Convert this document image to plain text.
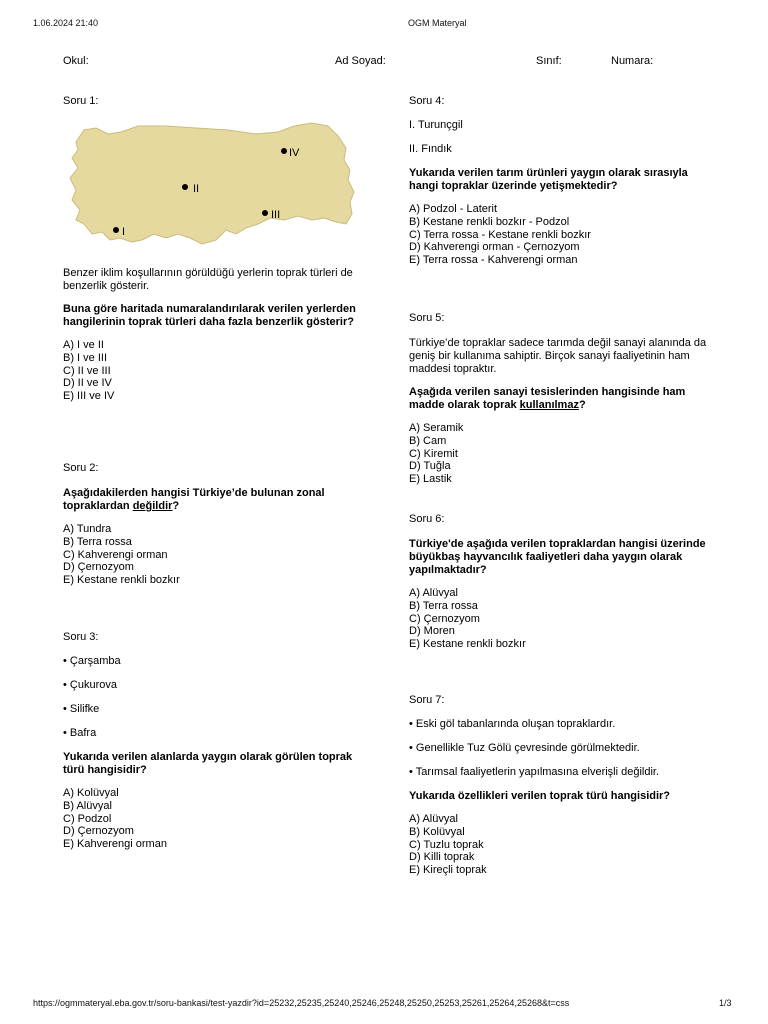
1.06.2024 21:40	OGM Materyal
Okul:	Ad Soyad:	Sınıf:	Numara:
Soru 1:
IV
II
III
I

Benzer iklim koşullarının görüldüğü yerlerin toprak türleri de benzerlik gösterir.

Buna göre haritada numaralandırılarak verilen yerlerden hangilerinin toprak türleri daha fazla benzerlik gösterir?

A) I ve II
B) I ve III
C) II ve III
D) II ve IV
E) III ve IV

Soru 2:

Aşağıdakilerden hangisi Türkiye’de bulunan zonal topraklardan değildir?

A) Tundra
B) Terra rossa
C) Kahverengi orman
D) Çernozyom
E) Kestane renkli bozkır

Soru 3:

• Çarşamba

• Çukurova

• Silifke

• Bafra

Yukarıda verilen alanlarda yaygın olarak görülen toprak türü hangisidir?

A) Kolüvyal
B) Alüvyal
C) Podzol
D) Çernozyom
E) Kahverengi orman

Soru 4:

I. Turunçgil

II. Fındık

Yukarıda verilen tarım ürünleri yaygın olarak sırasıyla hangi topraklar üzerinde yetişmektedir?

A) Podzol - Laterit
B) Kestane renkli bozkır - Podzol
C) Terra rossa - Kestane renkli bozkır
D) Kahverengi orman - Çernozyom
E) Terra rossa - Kahverengi orman

Soru 5:

Türkiye’de topraklar sadece tarımda değil sanayi alanında da geniş bir kullanıma sahiptir. Birçok sanayi faaliyetinin ham maddesi topraktır.

Aşağıda verilen sanayi tesislerinden hangisinde ham madde olarak toprak kullanılmaz?

A) Seramik
B) Cam
C) Kiremit
D) Tuğla
E) Lastik

Soru 6:

Türkiye'de aşağıda verilen topraklardan hangisi üzerinde büyükbaş hayvancılık faaliyetleri daha yaygın olarak yapılmaktadır?

A) Alüvyal
B) Terra rossa
C) Çernozyom
D) Moren
E) Kestane renkli bozkır

Soru 7:

• Eski göl tabanlarında oluşan topraklardır.

• Genellikle Tuz Gölü çevresinde görülmektedir.

• Tarımsal faaliyetlerin yapılmasına elverişli değildir.

Yukarıda özellikleri verilen toprak türü hangisidir?

A) Alüvyal
B) Kolüvyal
C) Tuzlu toprak
D) Killi toprak
E) Kireçli toprak
https://ogmmateryal.eba.gov.tr/soru-bankasi/test-yazdir?id=25232,25235,25240,25246,25248,25250,25253,25261,25264,25268&t=css	1/3
